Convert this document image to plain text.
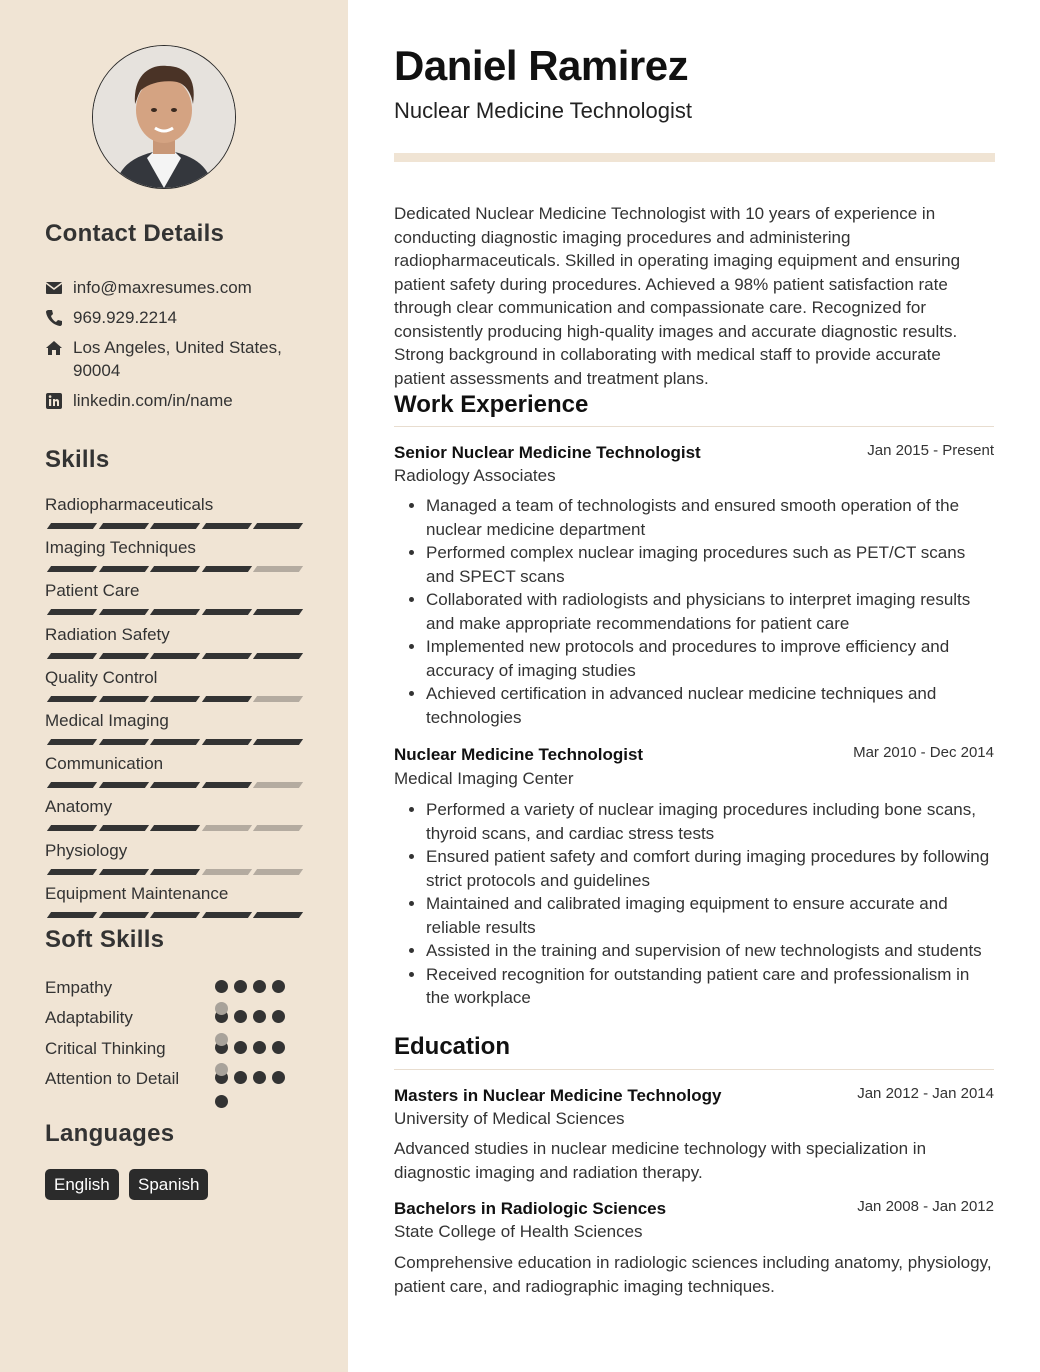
Contact Details
info@maxresumes.com
969.929.2214
Los Angeles, United States, 90004
linkedin.com/in/name
Skills
Soft Skills
Languages
English	Spanish
Radiopharmaceuticals
Imaging Techniques
Patient Care
Radiation Safety
Quality Control
Medical Imaging
Communication
Anatomy
Physiology
Equipment Maintenance
Empathy
Adaptability
Critical Thinking
Attention to Detail
Daniel Ramirez
Nuclear Medicine Technologist
Dedicated Nuclear Medicine Technologist with 10 years of experience in conducting diagnostic imaging procedures and administering radiopharmaceuticals. Skilled in operating imaging equipment and ensuring patient safety during procedures. Achieved a 98% patient satisfaction rate through clear communication and compassionate care. Recognized for consistently producing high-quality images and accurate diagnostic results. Strong background in collaborating with medical staff to provide accurate patient assessments and treatment plans.
Work Experience
Senior Nuclear Medicine Technologist	Jan 2015 - Present
Radiology Associates
• Managed a team of technologists and ensured smooth operation of the nuclear medicine department
• Performed complex nuclear imaging procedures such as PET/CT scans and SPECT scans
• Collaborated with radiologists and physicians to interpret imaging results and make appropriate recommendations for patient care
• Implemented new protocols and procedures to improve efficiency and accuracy of imaging studies
• Achieved certification in advanced nuclear medicine techniques and technologies
Nuclear Medicine Technologist	Mar 2010 - Dec 2014
Medical Imaging Center
• Performed a variety of nuclear imaging procedures including bone scans, thyroid scans, and cardiac stress tests
• Ensured patient safety and comfort during imaging procedures by following strict protocols and guidelines
• Maintained and calibrated imaging equipment to ensure accurate and reliable results
• Assisted in the training and supervision of new technologists and students
• Received recognition for outstanding patient care and professionalism in the workplace
Education
Masters in Nuclear Medicine Technology	Jan 2012 - Jan 2014
University of Medical Sciences
Advanced studies in nuclear medicine technology with specialization in diagnostic imaging and radiation therapy.
Bachelors in Radiologic Sciences	Jan 2008 - Jan 2012
State College of Health Sciences
Comprehensive education in radiologic sciences including anatomy, physiology, patient care, and radiographic imaging techniques.
